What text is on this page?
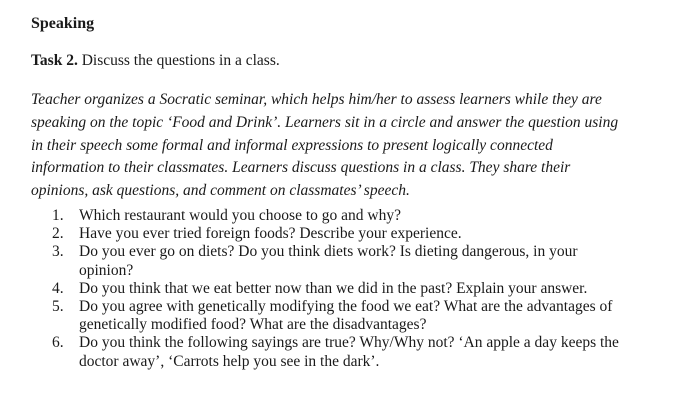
Speaking

Task 2. Discuss the questions in a class.

Teacher organizes a Socratic seminar, which helps him/her to assess learners while they are
speaking on the topic ‘Food and Drink’. Learners sit in a circle and answer the question using
in their speech some formal and informal expressions to present logically connected
information to their classmates. Learners discuss questions in a class. They share their
opinions, ask questions, and comment on classmates’ speech.

1. Which restaurant would you choose to go and why?
2. Have you ever tried foreign foods? Describe your experience.
3. Do you ever go on diets? Do you think diets work? Is dieting dangerous, in your
opinion?
4. Do you think that we eat better now than we did in the past? Explain your answer.
5. Do you agree with genetically modifying the food we eat? What are the advantages of
genetically modified food? What are the disadvantages?
6. Do you think the following sayings are true? Why/Why not? ‘An apple a day keeps the
doctor away’, ‘Carrots help you see in the dark’.
